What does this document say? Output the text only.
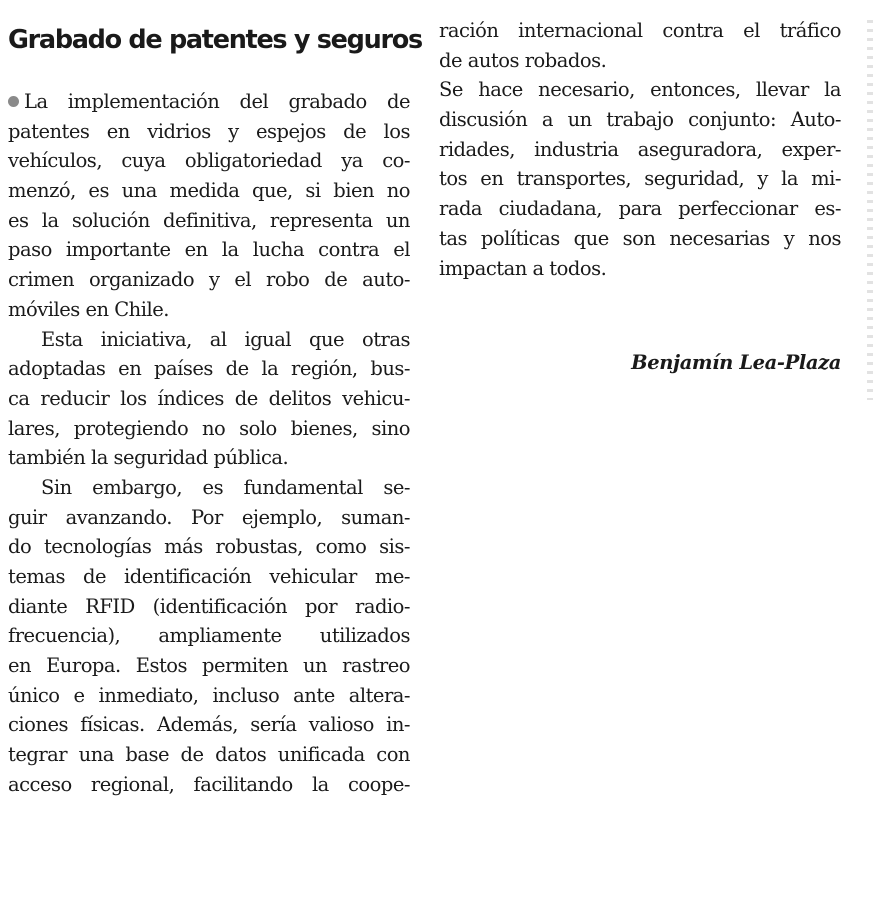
Grabado de patentes y seguros
La implementación del grabado de
patentes en vidrios y espejos de los
vehículos, cuya obligatoriedad ya co-
menzó, es una medida que, si bien no
es la solución definitiva, representa un
paso importante en la lucha contra el
crimen organizado y el robo de auto-
móviles en Chile.
Esta iniciativa, al igual que otras
adoptadas en países de la región, bus-
ca reducir los índices de delitos vehicu-
lares, protegiendo no solo bienes, sino
también la seguridad pública.
Sin embargo, es fundamental se-
guir avanzando. Por ejemplo, suman-
do tecnologías más robustas, como sis-
temas de identificación vehicular me-
diante RFID (identificación por radio-
frecuencia), ampliamente utilizados
en Europa. Estos permiten un rastreo
único e inmediato, incluso ante altera-
ciones físicas. Además, sería valioso in-
tegrar una base de datos unificada con
acceso regional, facilitando la coope-
ración internacional contra el tráfico
de autos robados.
Se hace necesario, entonces, llevar la
discusión a un trabajo conjunto: Auto-
ridades, industria aseguradora, exper-
tos en transportes, seguridad, y la mi-
rada ciudadana, para perfeccionar es-
tas políticas que son necesarias y nos
impactan a todos.
Benjamín Lea-Plaza
